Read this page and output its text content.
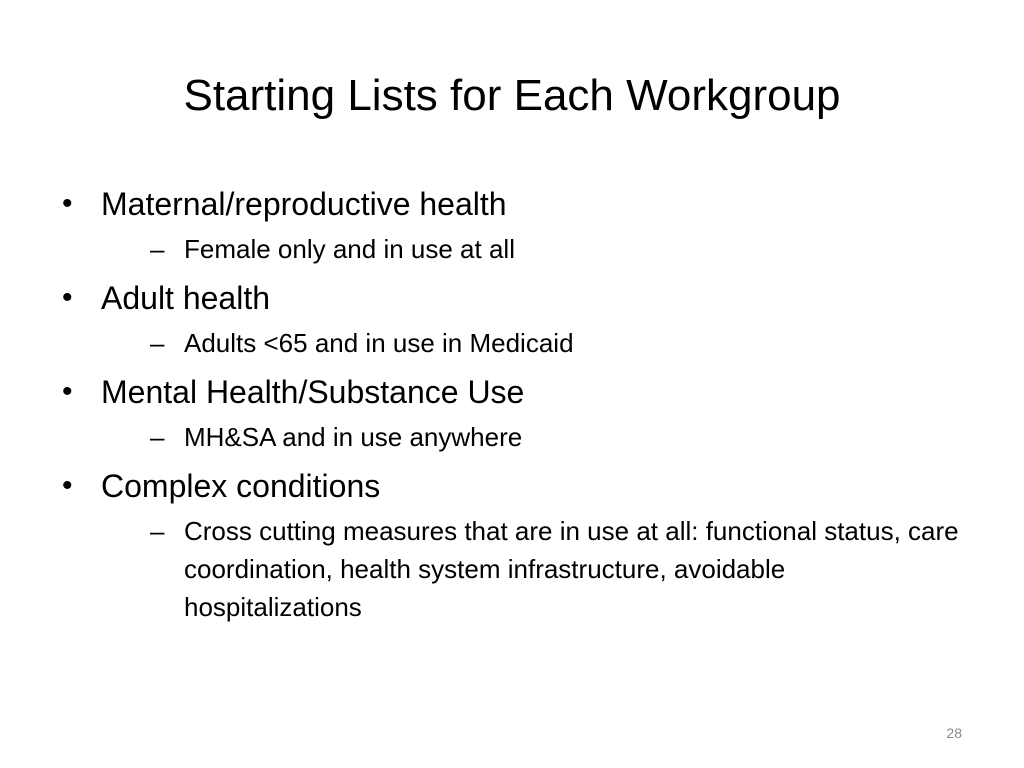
Starting Lists for Each Workgroup
• Maternal/reproductive health
– Female only and in use at all
• Adult health
– Adults <65 and in use in Medicaid
• Mental Health/Substance Use
– MH&SA and in use anywhere
• Complex conditions
– Cross cutting measures that are in use at all: functional status, care coordination, health system infrastructure, avoidable hospitalizations
28
